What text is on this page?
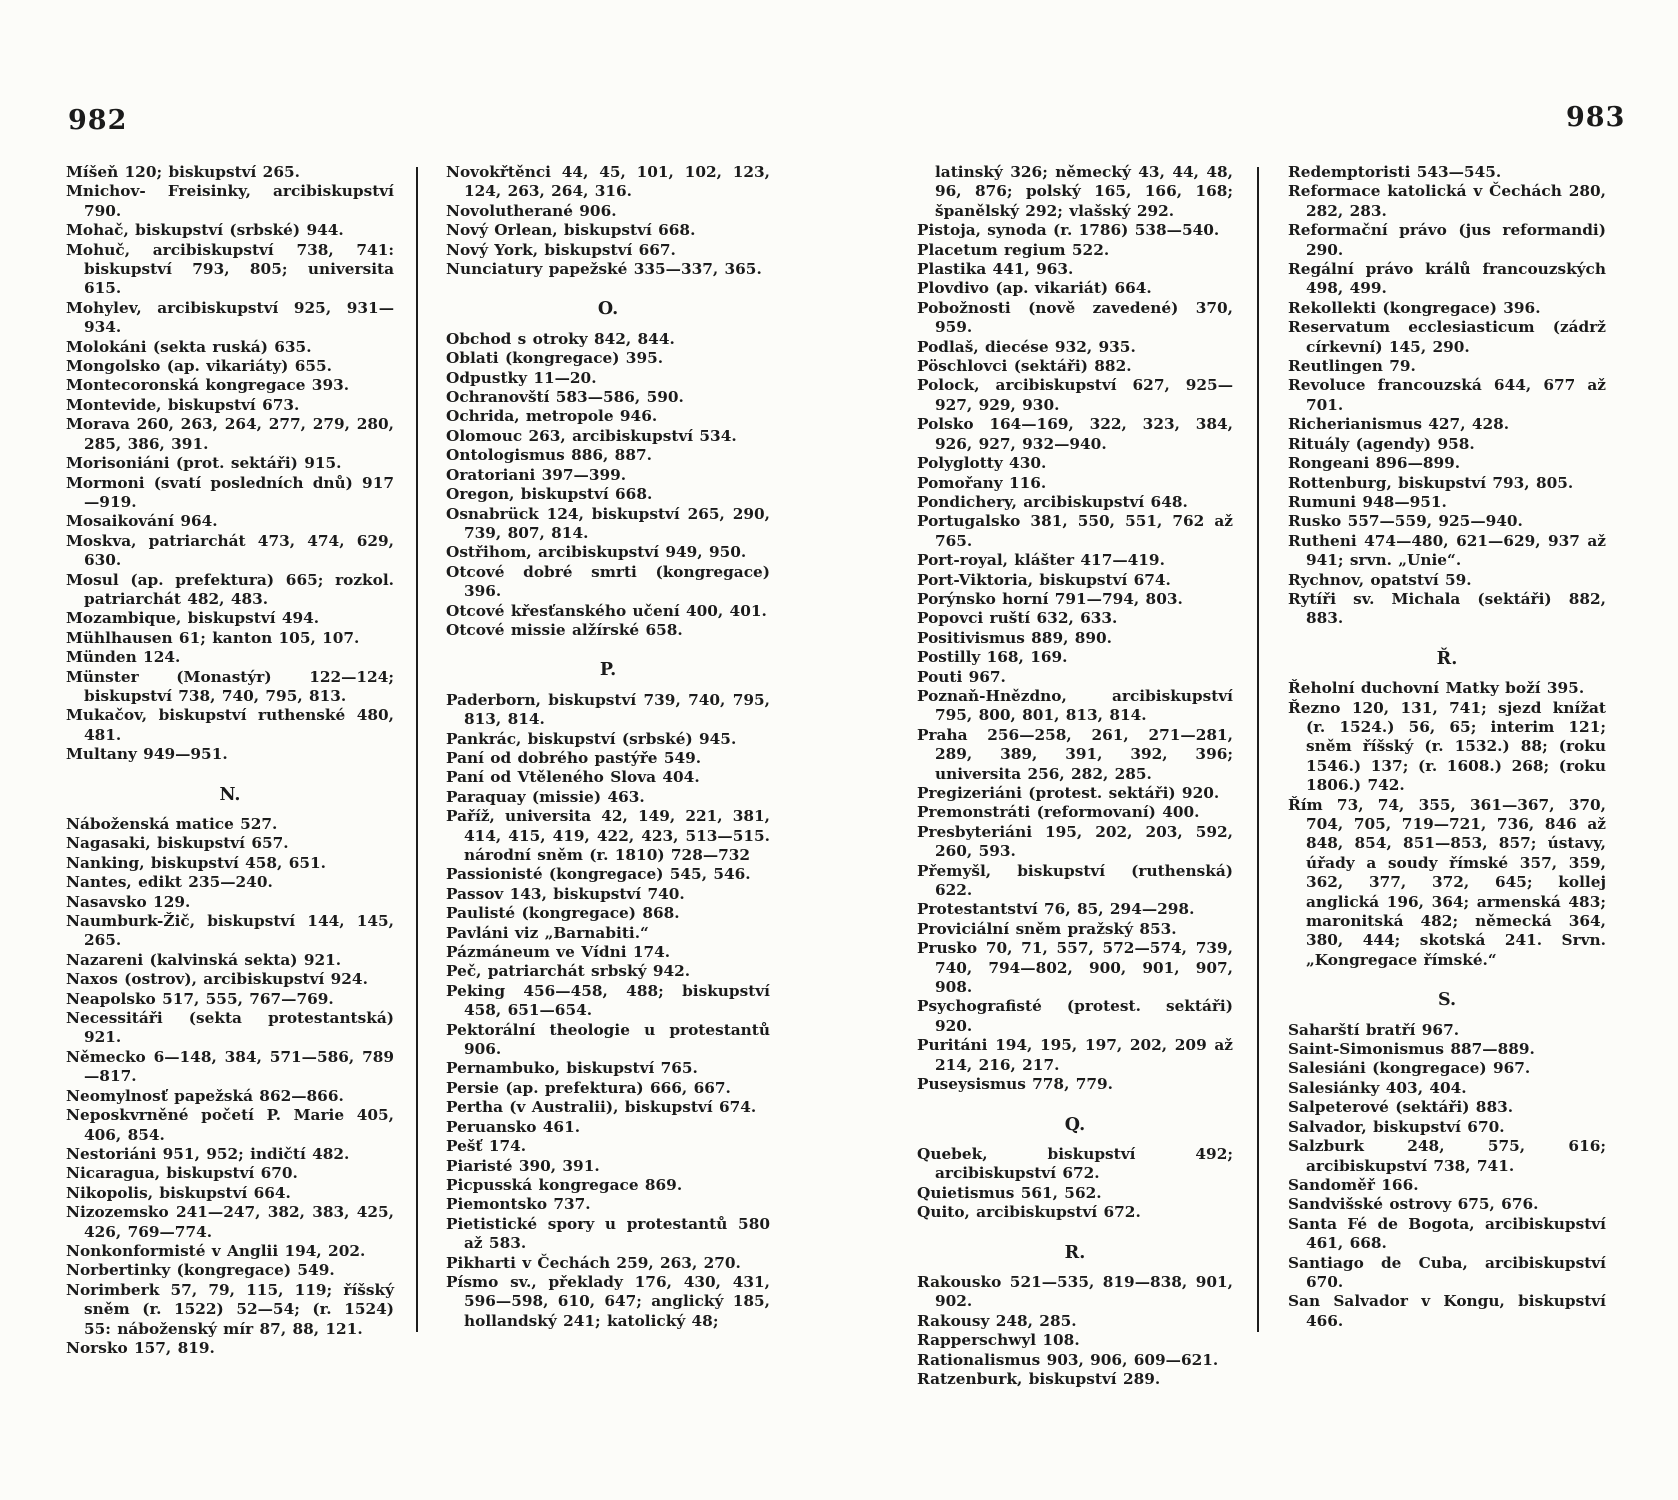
982	983
Míšeň 120; biskupství 265.
Mnichov- Freisinky, arcibiskupství 790.
Mohač, biskupství (srbské) 944.
Mohuč, arcibiskupství 738, 741: biskupství 793, 805; universita 615.
Mohylev, arcibiskupství 925, 931—934.
Molokáni (sekta ruská) 635.
Mongolsko (ap. vikariáty) 655.
Montecoronská kongregace 393.
Montevide, biskupství 673.
Morava 260, 263, 264, 277, 279, 280, 285, 386, 391.
Morisoniáni (prot. sektáři) 915.
Mormoni (svatí posledních dnů) 917—919.
Mosaikování 964.
Moskva, patriarchát 473, 474, 629, 630.
Mosul (ap. prefektura) 665; rozkol. patriarchát 482, 483.
Mozambique, biskupství 494.
Mühlhausen 61; kanton 105, 107.
Münden 124.
Münster (Monastýr) 122—124; biskupství 738, 740, 795, 813.
Mukačov, biskupství ruthenské 480, 481.
Multany 949—951.
N.
Náboženská matice 527.
Nagasaki, biskupství 657.
Nanking, biskupství 458, 651.
Nantes, edikt 235—240.
Nasavsko 129.
Naumburk-Žič, biskupství 144, 145, 265.
Nazareni (kalvinská sekta) 921.
Naxos (ostrov), arcibiskupství 924.
Neapolsko 517, 555, 767—769.
Necessitáři (sekta protestantská) 921.
Německo 6—148, 384, 571—586, 789—817.
Neomylnosť papežská 862—866.
Neposkvrněné početí P. Marie 405, 406, 854.
Nestoriáni 951, 952; indičtí 482.
Nicaragua, biskupství 670.
Nikopolis, biskupství 664.
Nizozemsko 241—247, 382, 383, 425, 426, 769—774.
Nonkonformisté v Anglii 194, 202.
Norbertinky (kongregace) 549.
Norimberk 57, 79, 115, 119; říšský sněm (r. 1522) 52—54; (r. 1524) 55: náboženský mír 87, 88, 121.
Norsko 157, 819.
Novokřtěnci 44, 45, 101, 102, 123, 124, 263, 264, 316.
Novolutherané 906.
Nový Orlean, biskupství 668.
Nový York, biskupství 667.
Nunciatury papežské 335—337, 365.
O.
Obchod s otroky 842, 844.
Oblati (kongregace) 395.
Odpustky 11—20.
Ochranovští 583—586, 590.
Ochrida, metropole 946.
Olomouc 263, arcibiskupství 534.
Ontologismus 886, 887.
Oratoriani 397—399.
Oregon, biskupství 668.
Osnabrück 124, biskupství 265, 290, 739, 807, 814.
Ostřihom, arcibiskupství 949, 950.
Otcové dobré smrti (kongregace) 396.
Otcové křesťanského učení 400, 401.
Otcové missie alžírské 658.
P.
Paderborn, biskupství 739, 740, 795, 813, 814.
Pankrác, biskupství (srbské) 945.
Paní od dobrého pastýře 549.
Paní od Vtěleného Slova 404.
Paraquay (missie) 463.
Paříž, universita 42, 149, 221, 381, 414, 415, 419, 422, 423, 513—515. národní sněm (r. 1810) 728—732
Passionisté (kongregace) 545, 546.
Passov 143, biskupství 740.
Paulisté (kongregace) 868.
Pavláni viz „Barnabiti.“
Pázmáneum ve Vídni 174.
Peč, patriarchát srbský 942.
Peking 456—458, 488; biskupství 458, 651—654.
Pektorální theologie u protestantů 906.
Pernambuko, biskupství 765.
Persie (ap. prefektura) 666, 667.
Pertha (v Australii), biskupství 674.
Peruansko 461.
Pešť 174.
Piaristé 390, 391.
Picpusská kongregace 869.
Piemontsko 737.
Pietistické spory u protestantů 580 až 583.
Pikharti v Čechách 259, 263, 270.
Písmo sv., překlady 176, 430, 431, 596—598, 610, 647; anglický 185, hollandský 241; katolický 48;
latinský 326; německý 43, 44, 48, 96, 876; polský 165, 166, 168; španělský 292; vlašský 292.
Pistoja, synoda (r. 1786) 538—540.
Placetum regium 522.
Plastika 441, 963.
Plovdivo (ap. vikariát) 664.
Pobožnosti (nově zavedené) 370, 959.
Podlaš, diecése 932, 935.
Pöschlovci (sektáři) 882.
Polock, arcibiskupství 627, 925—927, 929, 930.
Polsko 164—169, 322, 323, 384, 926, 927, 932—940.
Polyglotty 430.
Pomořany 116.
Pondichery, arcibiskupství 648.
Portugalsko 381, 550, 551, 762 až 765.
Port-royal, klášter 417—419.
Port-Viktoria, biskupství 674.
Porýnsko horní 791—794, 803.
Popovci ruští 632, 633.
Positivismus 889, 890.
Postilly 168, 169.
Pouti 967.
Poznaň-Hnězdno, arcibiskupství 795, 800, 801, 813, 814.
Praha 256—258, 261, 271—281, 289, 389, 391, 392, 396; universita 256, 282, 285.
Pregizeriáni (protest. sektáři) 920.
Premonstráti (reformovaní) 400.
Presbyteriáni 195, 202, 203, 592, 260, 593.
Přemyšl, biskupství (ruthenská) 622.
Protestantství 76, 85, 294—298.
Proviciální sněm pražský 853.
Prusko 70, 71, 557, 572—574, 739, 740, 794—802, 900, 901, 907, 908.
Psychografisté (protest. sektáři) 920.
Puritáni 194, 195, 197, 202, 209 až 214, 216, 217.
Puseysismus 778, 779.
Q.
Quebek, biskupství 492; arcibiskupství 672.
Quietismus 561, 562.
Quito, arcibiskupství 672.
R.
Rakousko 521—535, 819—838, 901, 902.
Rakousy 248, 285.
Rapperschwyl 108.
Rationalismus 903, 906, 609—621.
Ratzenburk, biskupství 289.
Redemptoristi 543—545.
Reformace katolická v Čechách 280, 282, 283.
Reformační právo (jus reformandi) 290.
Regální právo králů francouzských 498, 499.
Rekollekti (kongregace) 396.
Reservatum ecclesiasticum (zádrž církevní) 145, 290.
Reutlingen 79.
Revoluce francouzská 644, 677 až 701.
Richerianismus 427, 428.
Rituály (agendy) 958.
Rongeani 896—899.
Rottenburg, biskupství 793, 805.
Rumuni 948—951.
Rusko 557—559, 925—940.
Rutheni 474—480, 621—629, 937 až 941; srvn. „Unie“.
Rychnov, opatství 59.
Rytíři sv. Michala (sektáři) 882, 883.
Ř.
Řeholní duchovní Matky boží 395.
Řezno 120, 131, 741; sjezd knížat (r. 1524.) 56, 65; interim 121; sněm říšský (r. 1532.) 88; (roku 1546.) 137; (r. 1608.) 268; (roku 1806.) 742.
Řím 73, 74, 355, 361—367, 370, 704, 705, 719—721, 736, 846 až 848, 854, 851—853, 857; ústavy, úřady a soudy římské 357, 359, 362, 377, 372, 645; kollej anglická 196, 364; armenská 483; maronitská 482; německá 364, 380, 444; skotská 241. Srvn. „Kongregace římské.“
S.
Saharští bratří 967.
Saint-Simonismus 887—889.
Salesiáni (kongregace) 967.
Salesiánky 403, 404.
Salpeterové (sektáři) 883.
Salvador, biskupství 670.
Salzburk 248, 575, 616; arcibiskupství 738, 741.
Sandoměř 166.
Sandvišské ostrovy 675, 676.
Santa Fé de Bogota, arcibiskupství 461, 668.
Santiago de Cuba, arcibiskupství 670.
San Salvador v Kongu, biskupství 466.
